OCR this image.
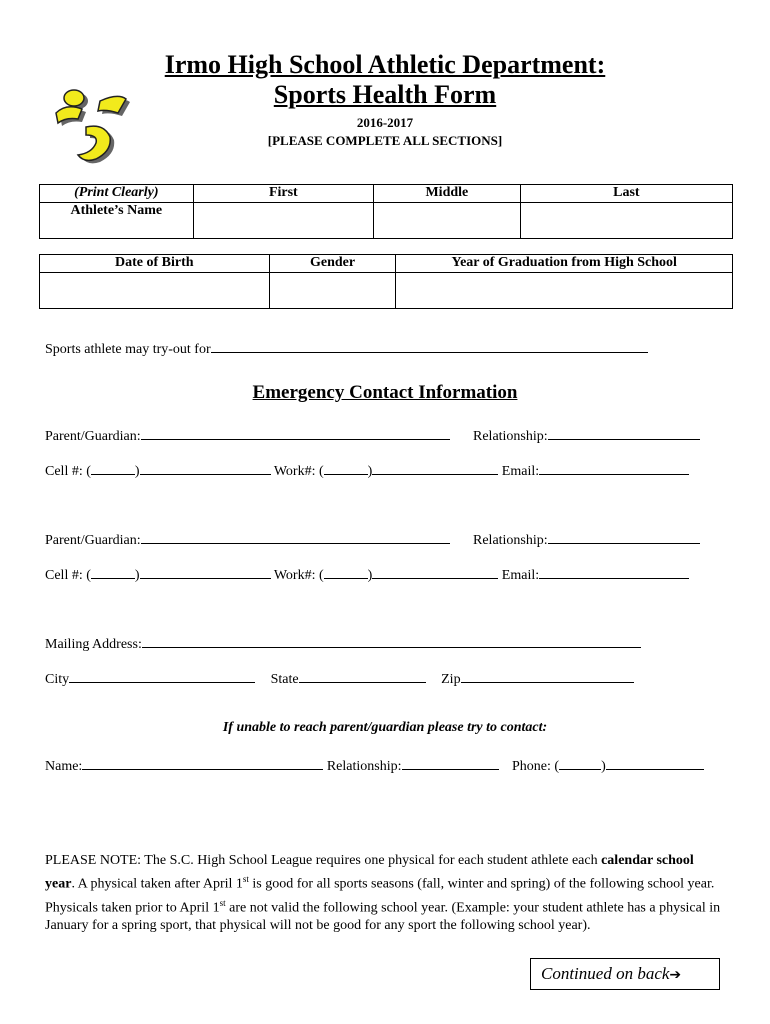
Irmo High School Athletic Department:
Sports Health Form
2016-2017
[PLEASE COMPLETE ALL SECTIONS]
(Print Clearly)	First	Middle	Last
Athlete’s Name			
Date of Birth	Gender	Year of Graduation from High School

Sports athlete may try-out for
Emergency Contact Information
Parent/Guardian:	Relationship:
Cell #: (	)	Work#: (	)	Email:
Parent/Guardian:	Relationship:
Cell #: (	)	Work#: (	)	Email:
Mailing Address:
City	State	Zip
If unable to reach parent/guardian please try to contact:
Name:	Relationship:	Phone: (	)
PLEASE NOTE: The S.C. High School League requires one physical for each student athlete each calendar school year. A physical taken after April 1st is good for all sports seasons (fall, winter and spring) of the following school year. Physicals taken prior to April 1st are not valid the following school year. (Example: your student athlete has a physical in January for a spring sport, that physical will not be good for any sport the following school year).
Continued on back➔
